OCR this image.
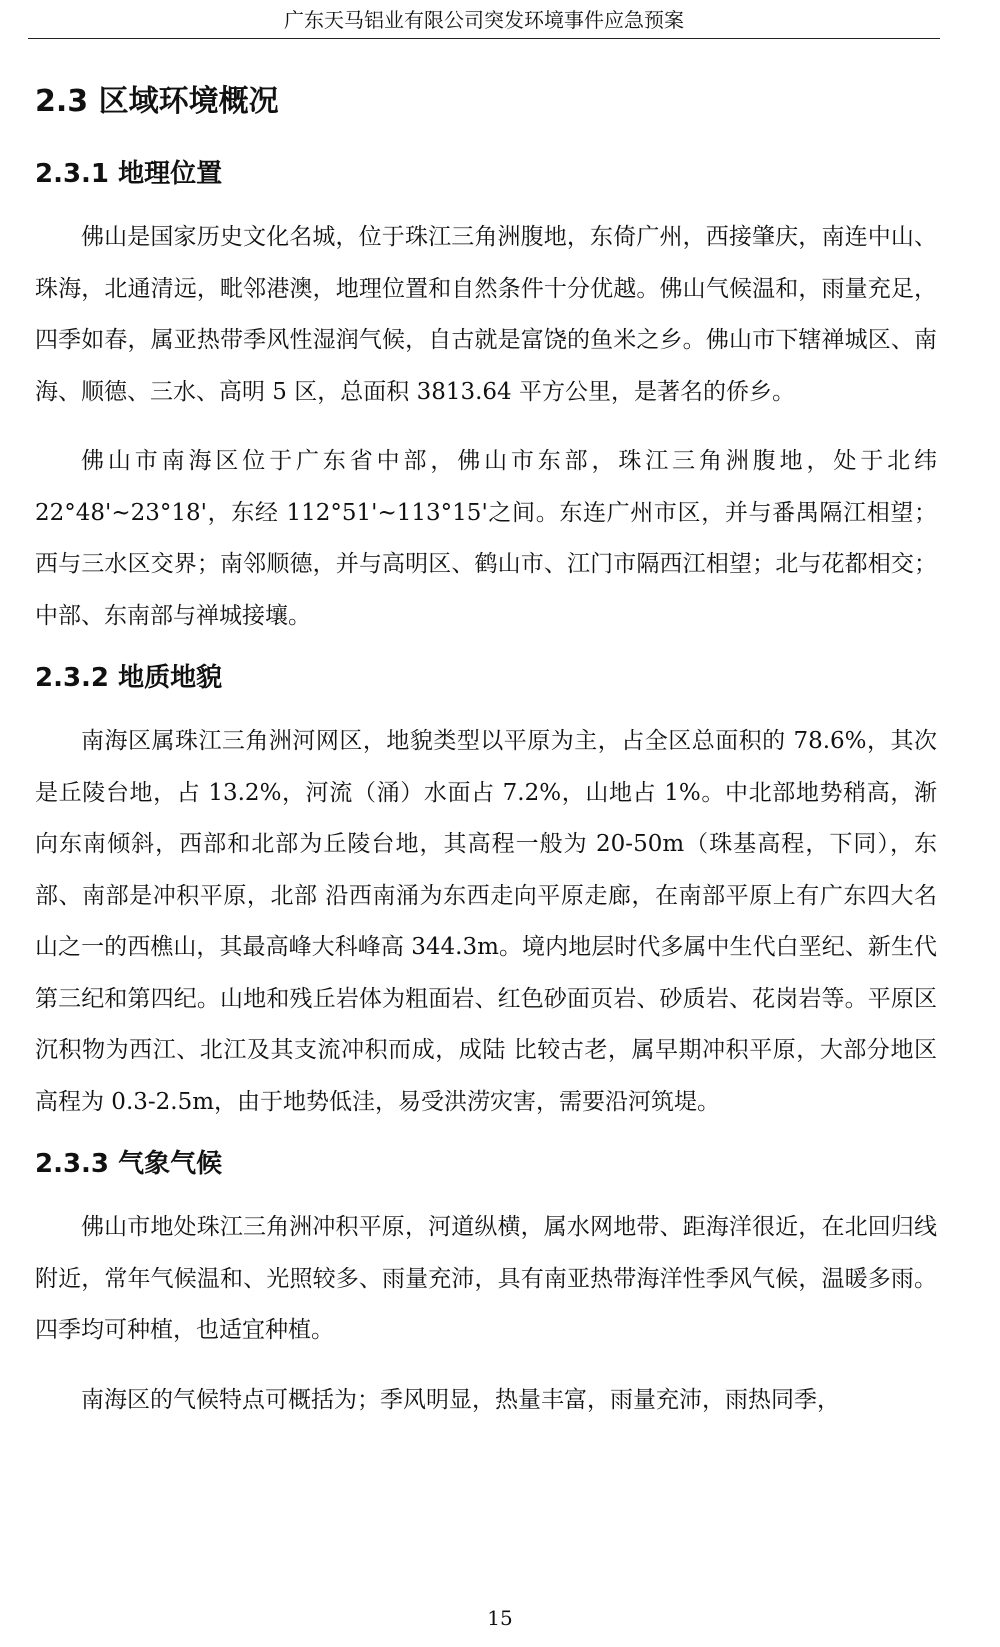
广东天马铝业有限公司突发环境事件应急预案
2.3 区域环境概况
2.3.1 地理位置

佛山是国家历史文化名城，位于珠江三角洲腹地，东倚广州，西接肇庆，南连中山、珠海，北通清远，毗邻港澳，地理位置和自然条件十分优越。佛山气候温和，雨量充足，四季如春，属亚热带季风性湿润气候，自古就是富饶的鱼米之乡。佛山市下辖禅城区、南海、顺德、三水、高明 5 区，总面积 3813.64 平方公里，是著名的侨乡。

佛山市南海区位于广东省中部，佛山市东部，珠江三角洲腹地，处于北纬 22°48'~23°18'，东经 112°51'~113°15'之间。东连广州市区，并与番禺隔江相望；西与三水区交界；南邻顺德，并与高明区、鹤山市、江门市隔西江相望；北与花都相交；中部、东南部与禅城接壤。

2.3.2 地质地貌

南海区属珠江三角洲河网区，地貌类型以平原为主，占全区总面积的 78.6%，其次是丘陵台地，占 13.2%，河流（涌）水面占 7.2%，山地占 1%。中北部地势稍高，渐向东南倾斜，西部和北部为丘陵台地，其高程一般为 20-50m（珠基高程，下同），东部、南部是冲积平原，北部 沿西南涌为东西走向平原走廊，在南部平原上有广东四大名山之一的西樵山，其最高峰大科峰高 344.3m。境内地层时代多属中生代白垩纪、新生代第三纪和第四纪。山地和残丘岩体为粗面岩、红色砂面页岩、砂质岩、花岗岩等。平原区沉积物为西江、北江及其支流冲积而成，成陆 比较古老，属早期冲积平原，大部分地区高程为 0.3-2.5m，由于地势低洼，易受洪涝灾害，需要沿河筑堤。

2.3.3 气象气候

佛山市地处珠江三角洲冲积平原，河道纵横，属水网地带、距海洋很近，在北回归线附近，常年气候温和、光照较多、雨量充沛，具有南亚热带海洋性季风气候，温暖多雨。四季均可种植，也适宜种植。

南海区的气候特点可概括为；季风明显，热量丰富，雨量充沛，雨热同季，

15
